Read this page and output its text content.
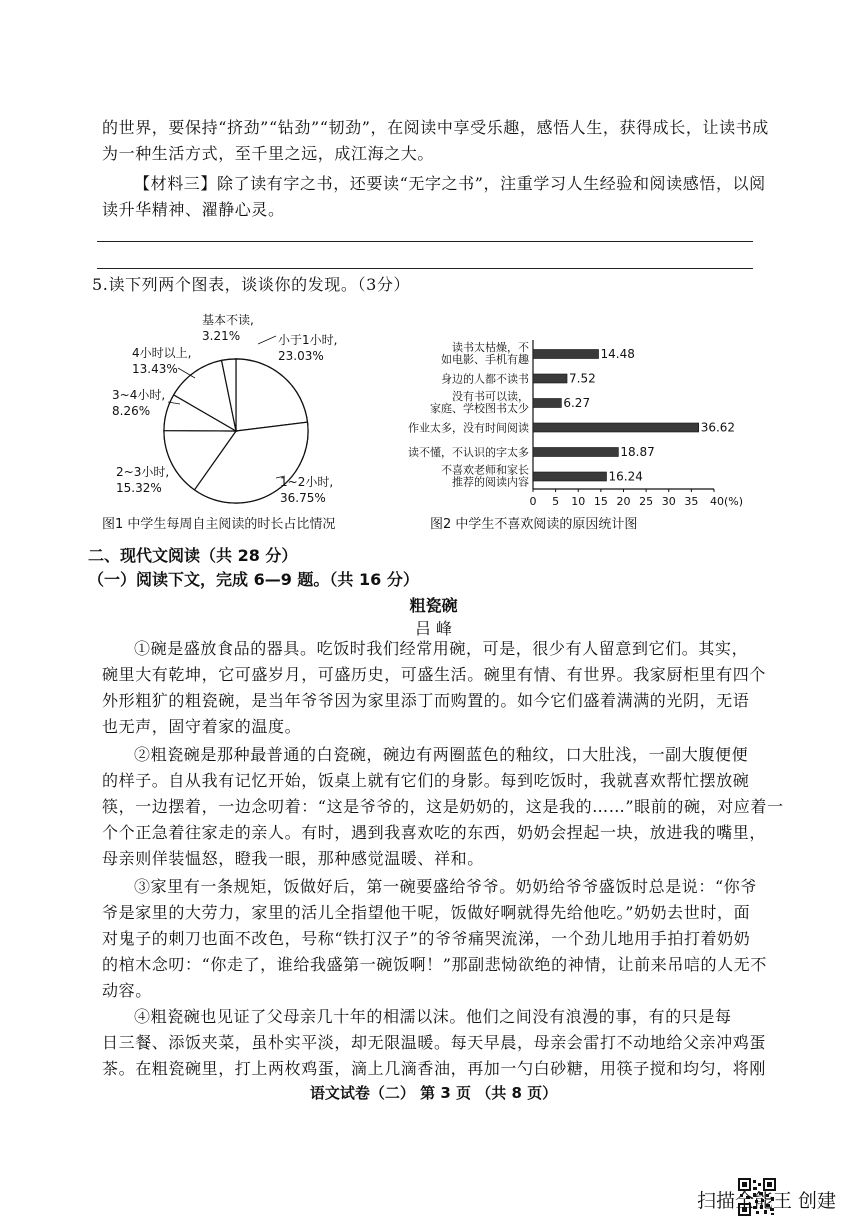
的世界，要保持“挤劲”“钻劲”“韧劲”，在阅读中享受乐趣，感悟人生，获得成长，让读书成
为一种生活方式，至千里之远，成江海之大。
【材料三】除了读有字之书，还要读“无字之书”，注重学习人生经验和阅读感悟，以阅
读升华精神、濯静心灵。
5.读下列两个图表，谈谈你的发现。（3分）
小于1小时,
23.03%
1~2小时,
36.75%
2~3小时,
15.32%
3~4小时,
8.26%
4小时以上,
13.43%
基本不读,
3.21%
图1 中学生每周自主阅读的时长占比情况
14.48
读书太枯燥，不
如电影、手机有趣
7.52
身边的人都不读书
6.27
没有书可以读，
家庭、学校图书太少
36.62
作业太多，没有时间阅读
18.87
读不懂，不认识的字太多
16.24
不喜欢老师和家长
推荐的阅读内容
0 5 10 15 20 25 30 35 40(%)
图2 中学生不喜欢阅读的原因统计图
二、现代文阅读（共 28 分）
（一）阅读下文，完成 6—9 题。（共 16 分）
粗瓷碗
吕 峰
①碗是盛放食品的器具。吃饭时我们经常用碗，可是，很少有人留意到它们。其实，
碗里大有乾坤，它可盛岁月，可盛历史，可盛生活。碗里有情、有世界。我家厨柜里有四个
外形粗犷的粗瓷碗，是当年爷爷因为家里添丁而购置的。如今它们盛着满满的光阴，无语
也无声，固守着家的温度。
②粗瓷碗是那种最普通的白瓷碗，碗边有两圈蓝色的釉纹，口大肚浅，一副大腹便便
的样子。自从我有记忆开始，饭桌上就有它们的身影。每到吃饭时，我就喜欢帮忙摆放碗
筷，一边摆着，一边念叨着：“这是爷爷的，这是奶奶的，这是我的……”眼前的碗，对应着一
个个正急着往家走的亲人。有时，遇到我喜欢吃的东西，奶奶会捏起一块，放进我的嘴里，
母亲则佯装愠怒，瞪我一眼，那种感觉温暖、祥和。
③家里有一条规矩，饭做好后，第一碗要盛给爷爷。奶奶给爷爷盛饭时总是说：“你爷
爷是家里的大劳力，家里的活儿全指望他干呢，饭做好啊就得先给他吃。”奶奶去世时，面
对鬼子的刺刀也面不改色，号称“铁打汉子”的爷爷痛哭流涕，一个劲儿地用手拍打着奶奶
的棺木念叨：“你走了，谁给我盛第一碗饭啊！”那副悲恸欲绝的神情，让前来吊唁的人无不
动容。
④粗瓷碗也见证了父母亲几十年的相濡以沫。他们之间没有浪漫的事，有的只是每
日三餐、添饭夹菜，虽朴实平淡，却无限温暖。每天早晨，母亲会雷打不动地给父亲冲鸡蛋
茶。在粗瓷碗里，打上两枚鸡蛋，滴上几滴香油，再加一勺白砂糖，用筷子搅和均匀，将刚
语文试卷（二） 第 3 页 （共 8 页）
扫描全能王 创建
